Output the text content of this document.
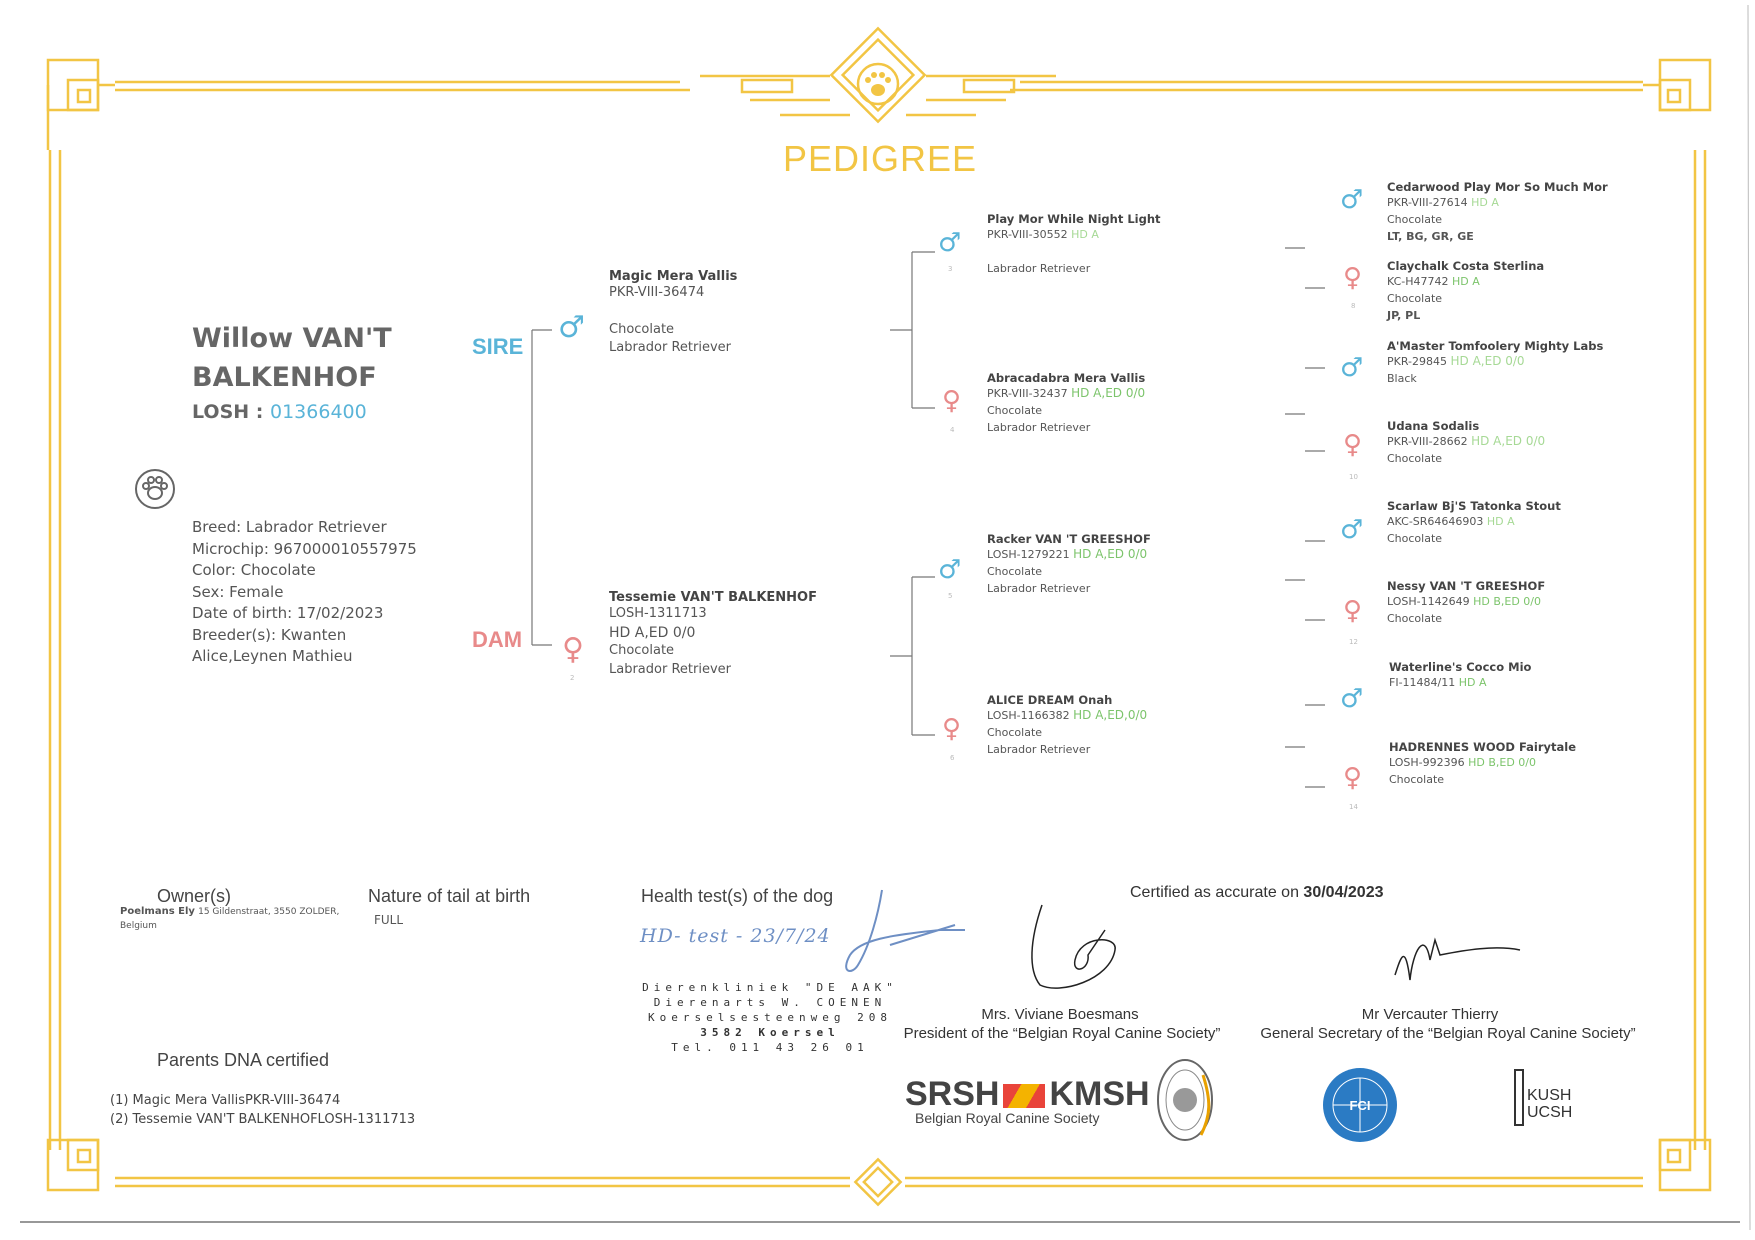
PEDIGREE
Willow VAN'T
BALKENHOF
LOSH : 01366400
Breed: Labrador Retriever
Microchip: 967000010557975
Color: Chocolate
Sex: Female
Date of birth: 17/02/2023
Breeder(s): Kwanten
Alice,Leynen Mathieu
SIRE
DAM
♂
♀
2
Magic Mera Vallis
PKR-VIII-36474
Chocolate
Labrador Retriever
Tessemie VAN'T BALKENHOF
LOSH-1311713
HD A,ED 0/0
Chocolate
Labrador Retriever
♂
3
Play Mor While Night Light
PKR-VIII-30552 HD A
Labrador Retriever
♀
4
Abracadabra Mera Vallis
PKR-VIII-32437 HD A,ED 0/0
Chocolate
Labrador Retriever
♂
5
Racker VAN 'T GREESHOF
LOSH-1279221 HD A,ED 0/0
Chocolate
Labrador Retriever
♀
6
ALICE DREAM Onah
LOSH-1166382 HD A,ED,0/0
Chocolate
Labrador Retriever
♂ Cedarwood Play Mor So Much Mor
PKR-VIII-27614 HD A
Chocolate
LT, BG, GR, GE
♀
8
Claychalk Costa Sterlina
KC-H47742 HD A
Chocolate
JP, PL
♂
A'Master Tomfoolery Mighty Labs
PKR-29845 HD A,ED 0/0
Black
♀
10
Udana Sodalis
PKR-VIII-28662 HD A,ED 0/0
Chocolate
♂
Scarlaw Bj'S Tatonka Stout
AKC-SR64646903 HD A
Chocolate
♀
12
Nessy VAN 'T GREESHOF
LOSH-1142649 HD B,ED 0/0
Chocolate
♂
Waterline's Cocco Mio
FI-11484/11 HD A
♀
14
HADRENNES WOOD Fairytale
LOSH-992396 HD B,ED 0/0
Chocolate
Owner(s)
Poelmans Ely 15 Gildenstraat, 3550 ZOLDER,
Belgium
Nature of tail at birth
FULL
Health test(s) of the dog
HD- test - 23/7/24
Dierenkliniek "DE AAK"
Dierenarts W. COENEN
Koerselsesteenweg 208
3582 Koersel
Tel. 011 43 26 01
Certified as accurate on 30/04/2023
Mrs. Viviane Boesmans
President of the “Belgian Royal Canine Society”
Mr Vercauter Thierry
General Secretary of the “Belgian Royal Canine Society”
Parents DNA certified
(1) Magic Mera VallisPKR-VIII-36474
(2) Tessemie VAN'T BALKENHOFLOSH-1311713
SRSH KMSH
Belgian Royal Canine Society
FCI
KUSH
UCSH
